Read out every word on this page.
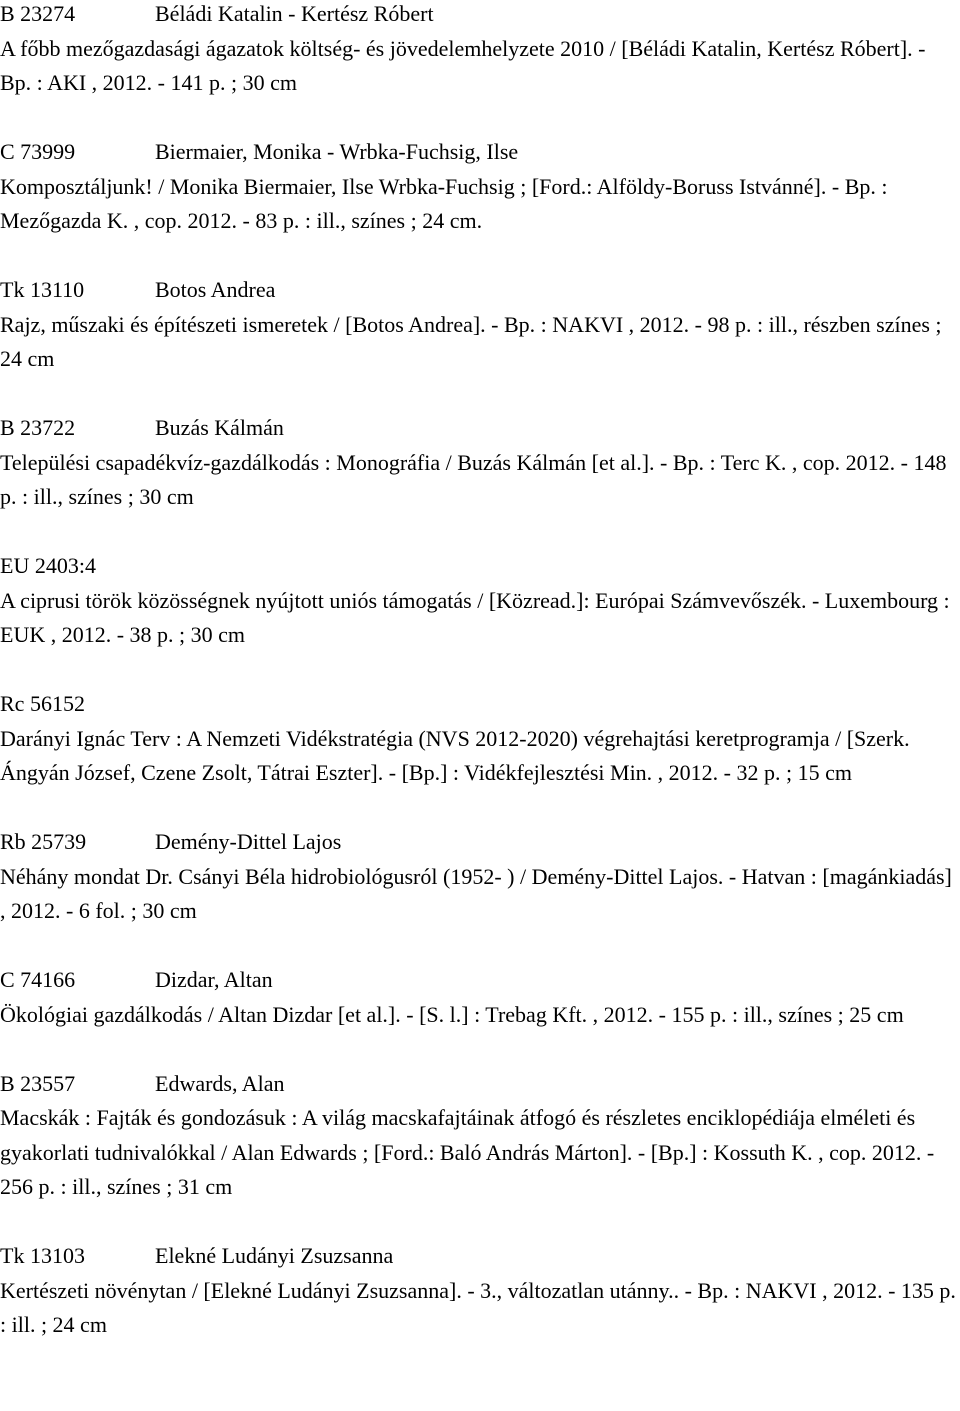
B 23274	Béládi Katalin - Kertész Róbert

A főbb mezőgazdasági ágazatok költség- és jövedelemhelyzete 2010 / [Béládi Katalin, Kertész Róbert]. - Bp. : AKI , 2012. - 141 p. ; 30 cm

C 73999	Biermaier, Monika - Wrbka-Fuchsig, Ilse

Komposztáljunk! / Monika Biermaier, Ilse Wrbka-Fuchsig ; [Ford.: Alföldy-Boruss Istvánné]. - Bp. : Mezőgazda K. , cop. 2012. - 83 p. : ill., színes ; 24 cm.

Tk 13110	Botos Andrea

Rajz, műszaki és építészeti ismeretek / [Botos Andrea]. - Bp. : NAKVI , 2012. - 98 p. : ill., részben színes ; 24 cm

B 23722	Buzás Kálmán

Települési csapadékvíz-gazdálkodás : Monográfia / Buzás Kálmán [et al.]. - Bp. : Terc K. , cop. 2012. - 148 p. : ill., színes ; 30 cm

EU 2403:4

A ciprusi török közösségnek nyújtott uniós támogatás / [Közread.]: Európai Számvevőszék. - Luxembourg : EUK , 2012. - 38 p. ; 30 cm

Rc 56152

Darányi Ignác Terv : A Nemzeti Vidékstratégia (NVS 2012-2020) végrehajtási keretprogramja / [Szerk. Ángyán József, Czene Zsolt, Tátrai Eszter]. - [Bp.] : Vidékfejlesztési Min. , 2012. - 32 p. ; 15 cm

Rb 25739	Demény-Dittel Lajos

Néhány mondat Dr. Csányi Béla hidrobiológusról (1952- ) / Demény-Dittel Lajos. - Hatvan : [magánkiadás] , 2012. - 6 fol. ; 30 cm

C 74166	Dizdar, Altan

Ökológiai gazdálkodás / Altan Dizdar [et al.]. - [S. l.] : Trebag Kft. , 2012. - 155 p. : ill., színes ; 25 cm

B 23557	Edwards, Alan

Macskák : Fajták és gondozásuk : A világ macskafajtáinak átfogó és részletes enciklopédiája elméleti és gyakorlati tudnivalókkal / Alan Edwards ; [Ford.: Baló András Márton]. - [Bp.] : Kossuth K. , cop. 2012. - 256 p. : ill., színes ; 31 cm

Tk 13103	Elekné Ludányi Zsuzsanna

Kertészeti növénytan / [Elekné Ludányi Zsuzsanna]. - 3., változatlan utánny.. - Bp. : NAKVI , 2012. - 135 p. : ill. ; 24 cm
